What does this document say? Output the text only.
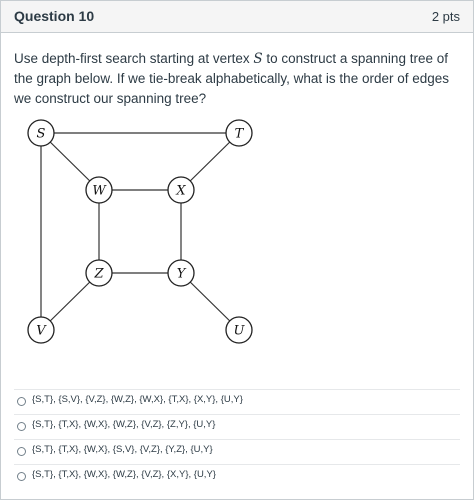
Question 10	2 pts
Use depth-first search starting at vertex S to construct a spanning tree of the graph below. If we tie-break alphabetically, what is the order of edges we construct our spanning tree?
S	T
W	X
Z	Y
V	U
{S,T}, {S,V}, {V,Z}, {W,Z}, {W,X}, {T,X}, {X,Y}, {U,Y}
{S,T}, {T,X}, {W,X}, {W,Z}, {V,Z}, {Z,Y}, {U,Y}
{S,T}, {T,X}, {W,X}, {S,V}, {V,Z}, {Y,Z}, {U,Y}
{S,T}, {T,X}, {W,X}, {W,Z}, {V,Z}, {X,Y}, {U,Y}
